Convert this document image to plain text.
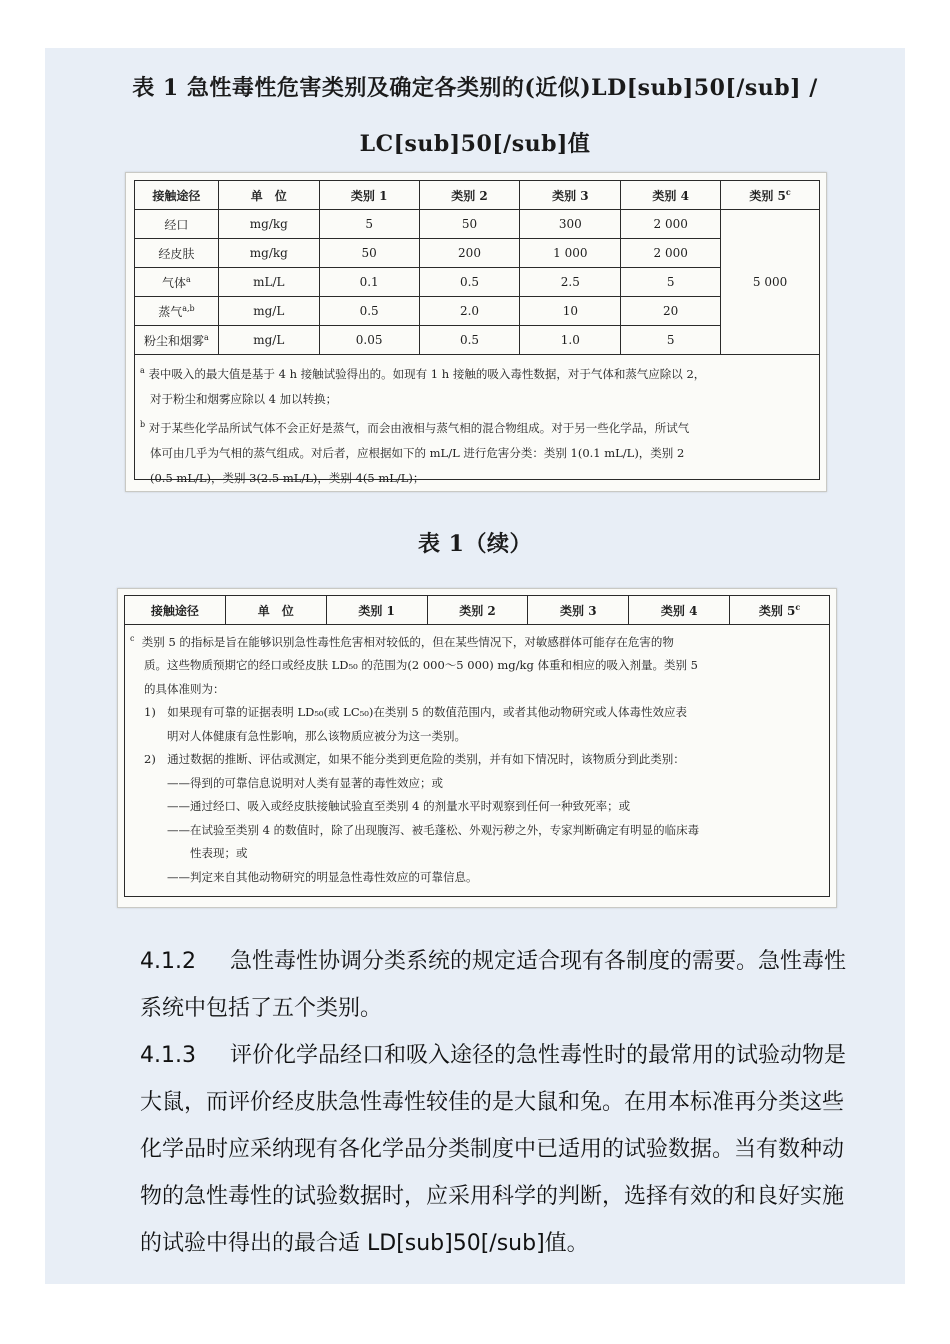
表 1 急性毒性危害类别及确定各类别的(近似)LD[sub]50[/sub] /
LC[sub]50[/sub]值
接触途径	单　位	类别 1	类别 2	类别 3	类别 4	类别 5$^c$
经口	mg/kg	5	50	300	2 000	5 000
经皮肤	mg/kg	50	200	1 000	2 000	
气体$^a$	mL/L	0.1	0.5	2.5	5	
蒸气$^{a,b}$	mg/L	0.5	2.0	10	20	
粉尘和烟雾$^a$	mg/L	0.05	0.5	1.0	5	
$^a$ 表中吸入的最大值是基于 4 h 接触试验得出的。如现有 1 h 接触的吸入毒性数据，对于气体和蒸气应除以 2，
对于粉尘和烟雾应除以 4 加以转换；
$^b$ 对于某些化学品所试气体不会正好是蒸气，而会由液相与蒸气相的混合物组成。对于另一些化学品，所试气
体可由几乎为气相的蒸气组成。对后者，应根据如下的 mL/L 进行危害分类：类别 1(0.1 mL/L)，类别 2
(0.5 mL/L)，类别 3(2.5 mL/L)，类别 4(5 mL/L)；
表 1（续）
接触途径	单　位	类别 1	类别 2	类别 3	类别 4	类别 5$^c$
$^c$ 类别 5 的指标是旨在能够识别急性毒性危害相对较低的，但在某些情况下，对敏感群体可能存在危害的物
质。这些物质预期它的经口或经皮肤 LD₅₀ 的范围为(2 000～5 000) mg/kg 体重和相应的吸入剂量。类别 5
的具体准则为：
1)　如果现有可靠的证据表明 LD₅₀(或 LC₅₀)在类别 5 的数值范围内，或者其他动物研究或人体毒性效应表
　　明对人体健康有急性影响，那么该物质应被分为这一类别。
2)　通过数据的推断、评估或测定，如果不能分类到更危险的类别，并有如下情况时，该物质分到此类别：
　　——得到的可靠信息说明对人类有显著的毒性效应；或
　　——通过经口、吸入或经皮肤接触试验直至类别 4 的剂量水平时观察到任何一种致死率；或
　　——在试验至类别 4 的数值时，除了出现腹泻、被毛蓬松、外观污秽之外，专家判断确定有明显的临床毒
　　　　性表现；或
　　——判定来自其他动物研究的明显急性毒性效应的可靠信息。

4.1.2 急性毒性协调分类系统的规定适合现有各制度的需要。急性毒性系统中包括了五个类别。

4.1.3 评价化学品经口和吸入途径的急性毒性时的最常用的试验动物是大鼠，而评价经皮肤急性毒性较佳的是大鼠和兔。在用本标准再分类这些化学品时应采纳现有各化学品分类制度中已适用的试验数据。当有数种动物的急性毒性的试验数据时，应采用科学的判断，选择有效的和良好实施的试验中得出的最合适 LD[sub]50[/sub]值。
